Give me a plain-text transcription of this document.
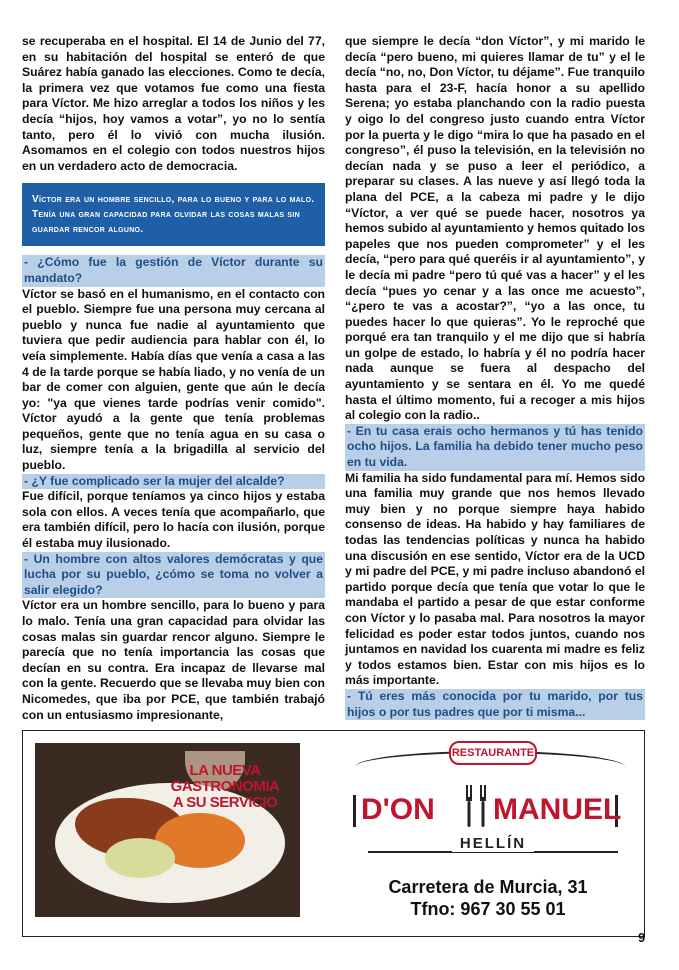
se recuperaba en el hospital. El 14 de Junio del 77, en su habitación del hospital se enteró de que Suárez había ganado las elecciones. Como te decía, la primera vez que votamos fue como una fiesta para Víctor. Me hizo arreglar a todos los niños y les decía “hijos, hoy vamos a votar”, yo no lo sentía tanto, pero él lo vivió con mucha ilusión. Asomamos en el colegio con todos nuestros hijos en un verdadero acto de democracia.

Víctor era un hombre sencillo, para lo bueno y para lo malo. Tenía una gran capacidad para olvidar las cosas malas sin guardar rencor alguno.

- ¿Cómo fue la gestión de Víctor durante su mandato?

Víctor se basó en el humanismo, en el contacto con el pueblo. Siempre fue una persona muy cercana al pueblo y nunca fue nadie al ayuntamiento que tuviera que pedir audiencia para hablar con él, lo veía simplemente. Había días que venía a casa a las 4 de la tarde porque se había liado, y no venía de un bar de comer con alguien, gente que aún le decía yo: "ya que vienes tarde podrías venir comido". Víctor ayudó a la gente que tenía problemas pequeños, gente que no tenía agua en su casa o luz, siempre tenía a la brigadilla al servicio del pueblo.

- ¿Y fue complicado ser la mujer del alcalde?

Fue difícil, porque teníamos ya cinco hijos y estaba sola con ellos. A veces tenía que acompañarlo, que era también difícil, pero lo hacía con ilusión, porque él estaba muy ilusionado.

- Un hombre con altos valores demócratas y que lucha por su pueblo, ¿cómo se toma no volver a salir elegido?

Víctor era un hombre sencillo, para lo bueno y para lo malo. Tenía una gran capacidad para olvidar las cosas malas sin guardar rencor alguno. Siempre le parecía que no tenía importancia las cosas que decían en su contra. Era incapaz de llevarse mal con la gente. Recuerdo que se llevaba muy bien con Nicomedes, que iba por PCE, que también trabajó con un entusiasmo impresionante,

que siempre le decía “don Víctor”, y mi marido le decía “pero bueno, mi quieres llamar de tu” y el le decía “no, no, Don Víctor, tu déjame”. Fue tranquilo hasta para el 23-F, hacía honor a su apellido Serena; yo estaba planchando con la radio puesta y oigo lo del congreso justo cuando entra Víctor por la puerta y le digo “mira lo que ha pasado en el congreso”, él puso la televisión, en la televisión no decían nada y se puso a leer el periódico, a preparar su clases. A las nueve y así llegó toda la plana del PCE, a la cabeza mi padre y le dijo “Víctor, a ver qué se puede hacer, nosotros ya hemos subido al ayuntamiento y hemos quitado los papeles que nos pueden comprometer” y el les decía, “pero para qué queréis ir al ayuntamiento”, y le decía mi padre “pero tú qué vas a hacer” y el les decía “pues yo cenar y a las once me acuesto”, “¿pero te vas a acostar?”, “yo a las once, tu puedes hacer lo que quieras”. Yo le reproché que porqué era tan tranquilo y el me dijo que si habría un golpe de estado, lo habría y él no podría hacer nada aunque se fuera al despacho del ayuntamiento y se sentara en él. Yo me quedé hasta el último momento, fui a recoger a mis hijos al colegio con la radio..

- En tu casa erais ocho hermanos y tú has tenido ocho hijos. La familia ha debido tener mucho peso en tu vida.

Mi familia ha sido fundamental para mí. Hemos sido una familia muy grande que nos hemos llevado muy bien y no porque siempre haya habido consenso de ideas. Ha habido y hay familiares de todas las tendencias políticas y nunca ha habido una discusión en ese sentido, Víctor era de la UCD y mi padre del PCE, y mi padre incluso abandonó el partido porque decía que tenía que votar lo que le mandaba el partido a pesar de que estar conforme con Víctor y lo pasaba mal. Para nosotros la mayor felicidad es poder estar todos juntos, cuando nos juntamos en navidad los cuarenta mi madre es feliz y todos estamos bien. Estar con mis hijos es lo más importante.

- Tú eres más conocida por tu marido, por tus hijos o por tus padres que por ti misma...

LA NUEVA GASTRONOMIA
A SU SERVICIO
RESTAURANTE
D'ON MANUEL
HELLÍN
Carretera de Murcia, 31
Tfno: 967 30 55 01
9
